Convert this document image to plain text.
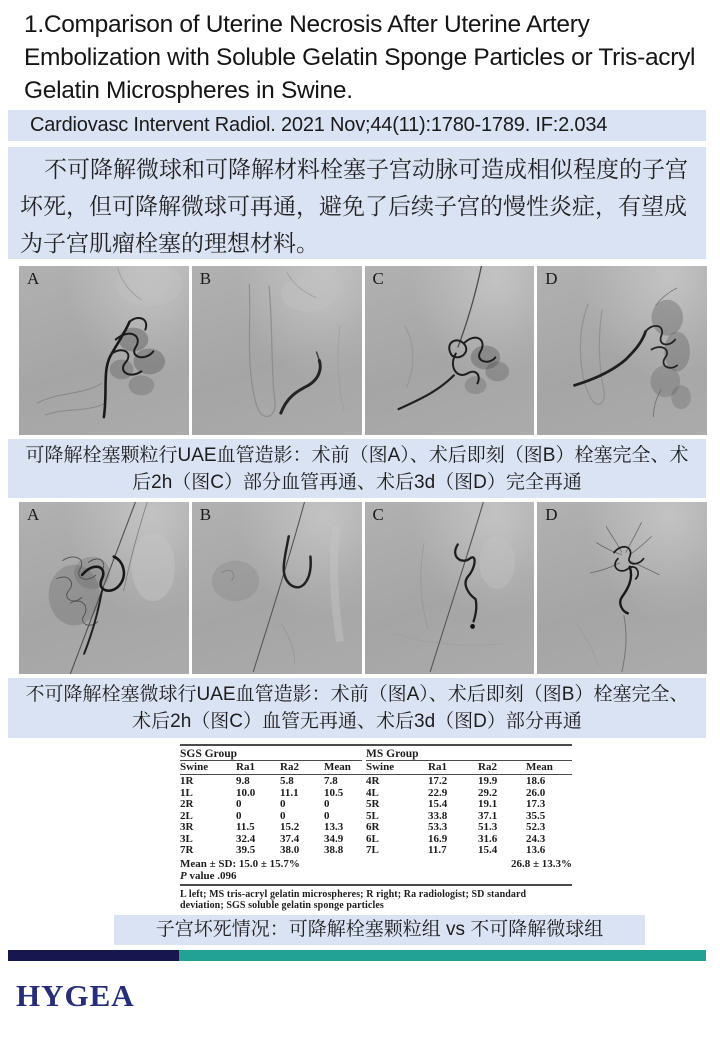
1.Comparison of Uterine Necrosis After Uterine Artery Embolization with Soluble Gelatin Sponge Particles or Tris-acryl Gelatin Microspheres in Swine.
Cardiovasc Intervent Radiol. 2021 Nov;44(11):1780-1789. IF:2.034
不可降解微球和可降解材料栓塞子宫动脉可造成相似程度的子宫坏死，但可降解微球可再通，避免了后续子宫的慢性炎症，有望成为子宫肌瘤栓塞的理想材料。
A	B	C	D
可降解栓塞颗粒行UAE血管造影：术前（图A）、术后即刻（图B）栓塞完全、术后2h（图C）部分血管再通、术后3d（图D）完全再通
A	B	C	D
不可降解栓塞微球行UAE血管造影：术前（图A）、术后即刻（图B）栓塞完全、术后2h（图C）血管无再通、术后3d（图D）部分再通
SGS Group	MS Group
Swine	Ra1	Ra2	Mean	Swine	Ra1	Ra2	Mean
1R	9.8	5.8	7.8	4R	17.2	19.9	18.6
1L	10.0	11.1	10.5	4L	22.9	29.2	26.0
2R	0	0	0	5R	15.4	19.1	17.3
2L	0	0	0	5L	33.8	37.1	35.5
3R	11.5	15.2	13.3	6R	53.3	51.3	52.3
3L	32.4	37.4	34.9	6L	16.9	31.6	24.3
7R	39.5	38.0	38.8	7L	11.7	15.4	13.6
Mean ± SD: 15.0 ± 15.7%	26.8 ± 13.3%
P value .096
L left; MS tris-acryl gelatin microspheres; R right; Ra radiologist; SD standard deviation; SGS soluble gelatin sponge particles
子宫坏死情况：可降解栓塞颗粒组 vs 不可降解微球组
HYGEA
